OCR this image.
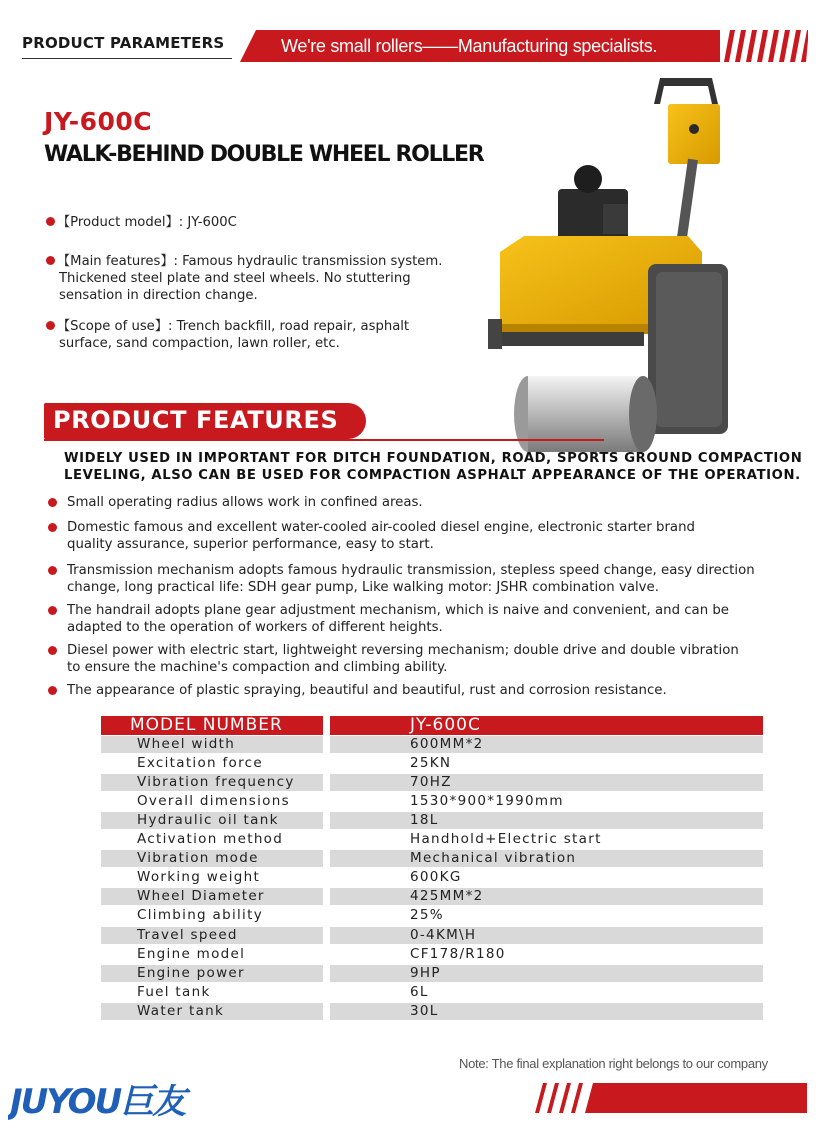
PRODUCT PARAMETERS	We're small rollers——Manufacturing specialists.
JY-600C
WALK-BEHIND DOUBLE WHEEL ROLLER
【Product model】: JY-600C
【Main features】: Famous hydraulic transmission system.
Thickened steel plate and steel wheels. No stuttering
sensation in direction change.
【Scope of use】: Trench backfill, road repair, asphalt
surface, sand compaction, lawn roller, etc.
PRODUCT FEATURES
WIDELY USED IN IMPORTANT FOR DITCH FOUNDATION, ROAD, SPORTS GROUND COMPACTION
LEVELING, ALSO CAN BE USED FOR COMPACTION ASPHALT APPEARANCE OF THE OPERATION.
Small operating radius allows work in confined areas.
Domestic famous and excellent water-cooled air-cooled diesel engine, electronic starter brand
quality assurance, superior performance, easy to start.
Transmission mechanism adopts famous hydraulic transmission, stepless speed change, easy direction
change, long practical life: SDH gear pump, Like walking motor: JSHR combination valve.
The handrail adopts plane gear adjustment mechanism, which is naive and convenient, and can be
adapted to the operation of workers of different heights.
Diesel power with electric start, lightweight reversing mechanism; double drive and double vibration
to ensure the machine's compaction and climbing ability.
The appearance of plastic spraying, beautiful and beautiful, rust and corrosion resistance.
MODEL NUMBER	JY-600C
Wheel width	600MM*2
Excitation force	25KN
Vibration frequency	70HZ
Overall dimensions	1530*900*1990mm
Hydraulic oil tank	18L
Activation method	Handhold+Electric start
Vibration mode	Mechanical vibration
Working weight	600KG
Wheel Diameter	425MM*2
Climbing ability	25%
Travel speed	0-4KM\H
Engine model	CF178/R180
Engine power	9HP
Fuel tank	6L
Water tank	30L
Note: The final explanation right belongs to our company
JUYOU巨友
